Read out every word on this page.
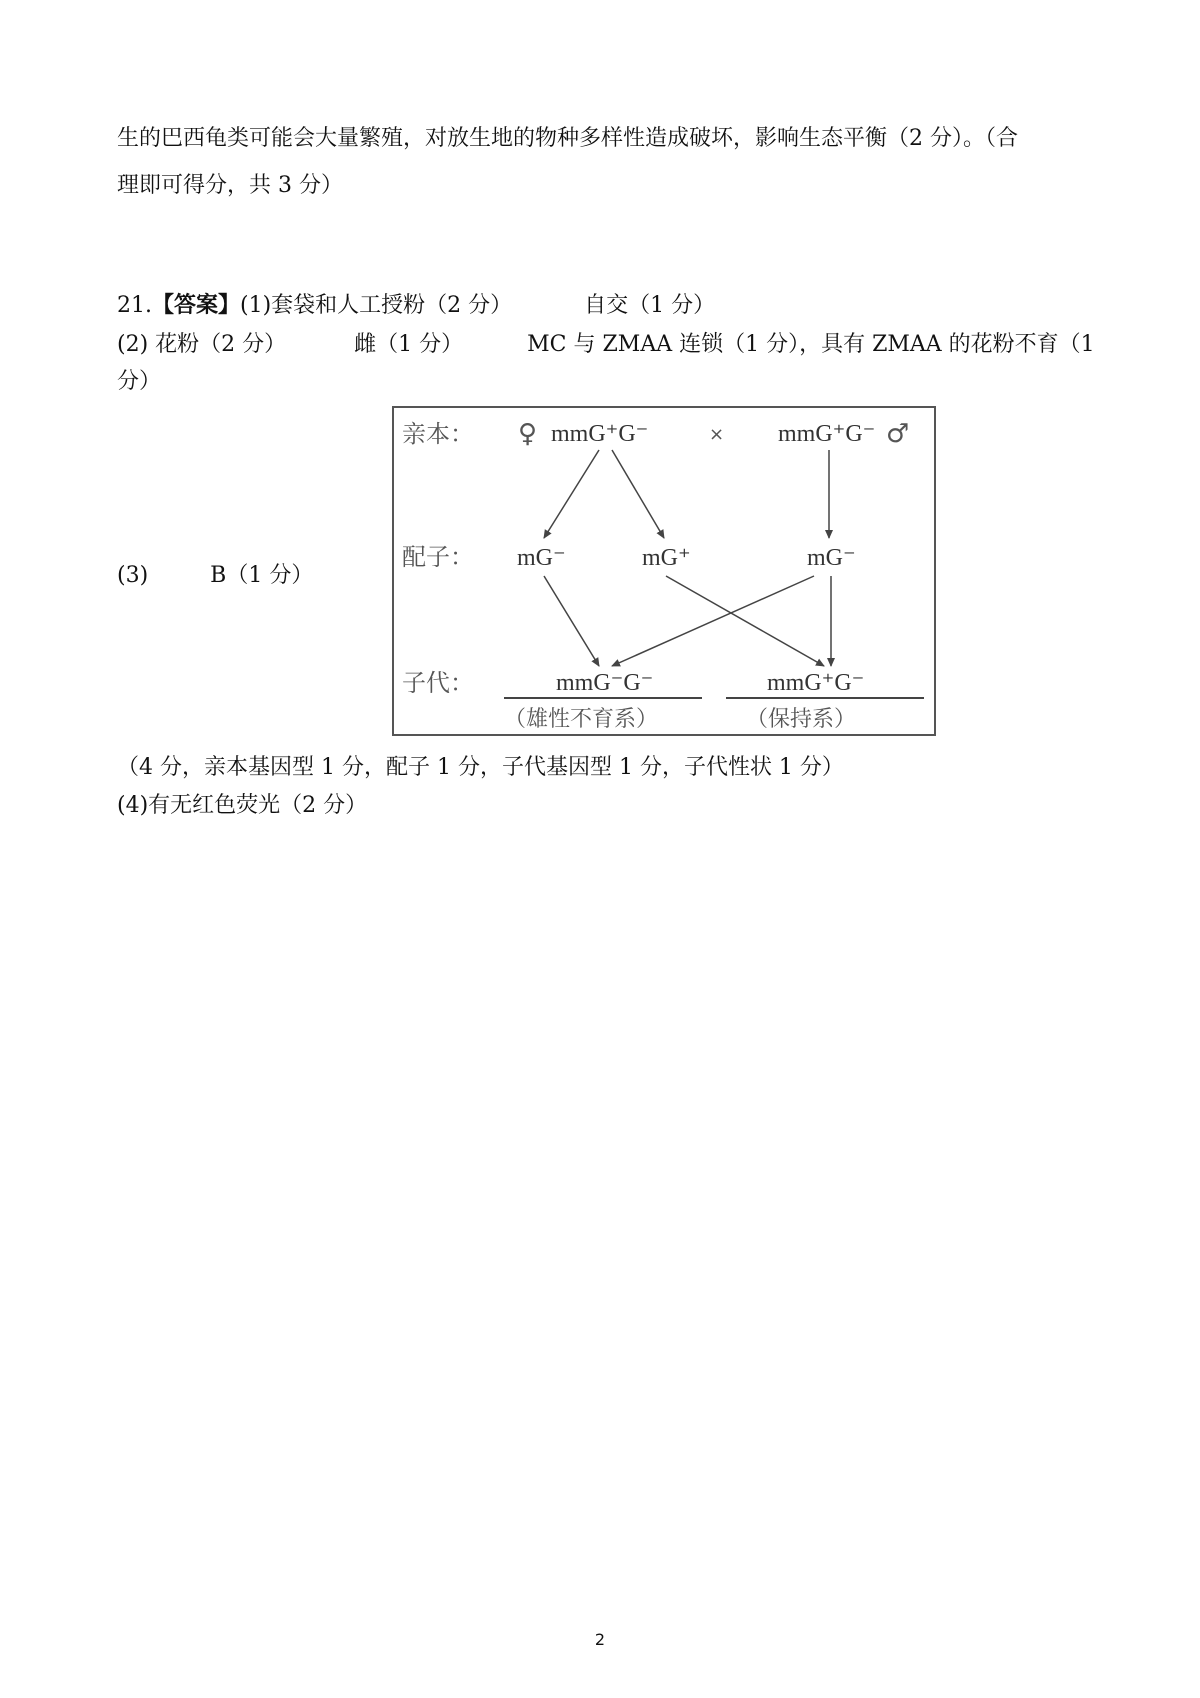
生的巴西龟类可能会大量繁殖，对放生地的物种多样性造成破坏，影响生态平衡（2 分）。（合
理即可得分，共 3 分）
21.【答案】(1)套袋和人工授粉（2 分）	自交（1 分）
(2) 花粉（2 分）	雌（1 分）	MC 与 ZMAA 连锁（1 分），具有 ZMAA 的花粉不育（1
分）
(3)	B（1 分）
亲本：
配子：
子代：
♀	×	♂
mmG⁺G⁻	mmG⁺G⁻
mG⁻	mG⁺	mG⁻
mmG⁻G⁻	mmG⁺G⁻
（雄性不育系）	（保持系）
（4 分，亲本基因型 1 分，配子 1 分，子代基因型 1 分，子代性状 1 分）
(4)有无红色荧光（2 分）
2
